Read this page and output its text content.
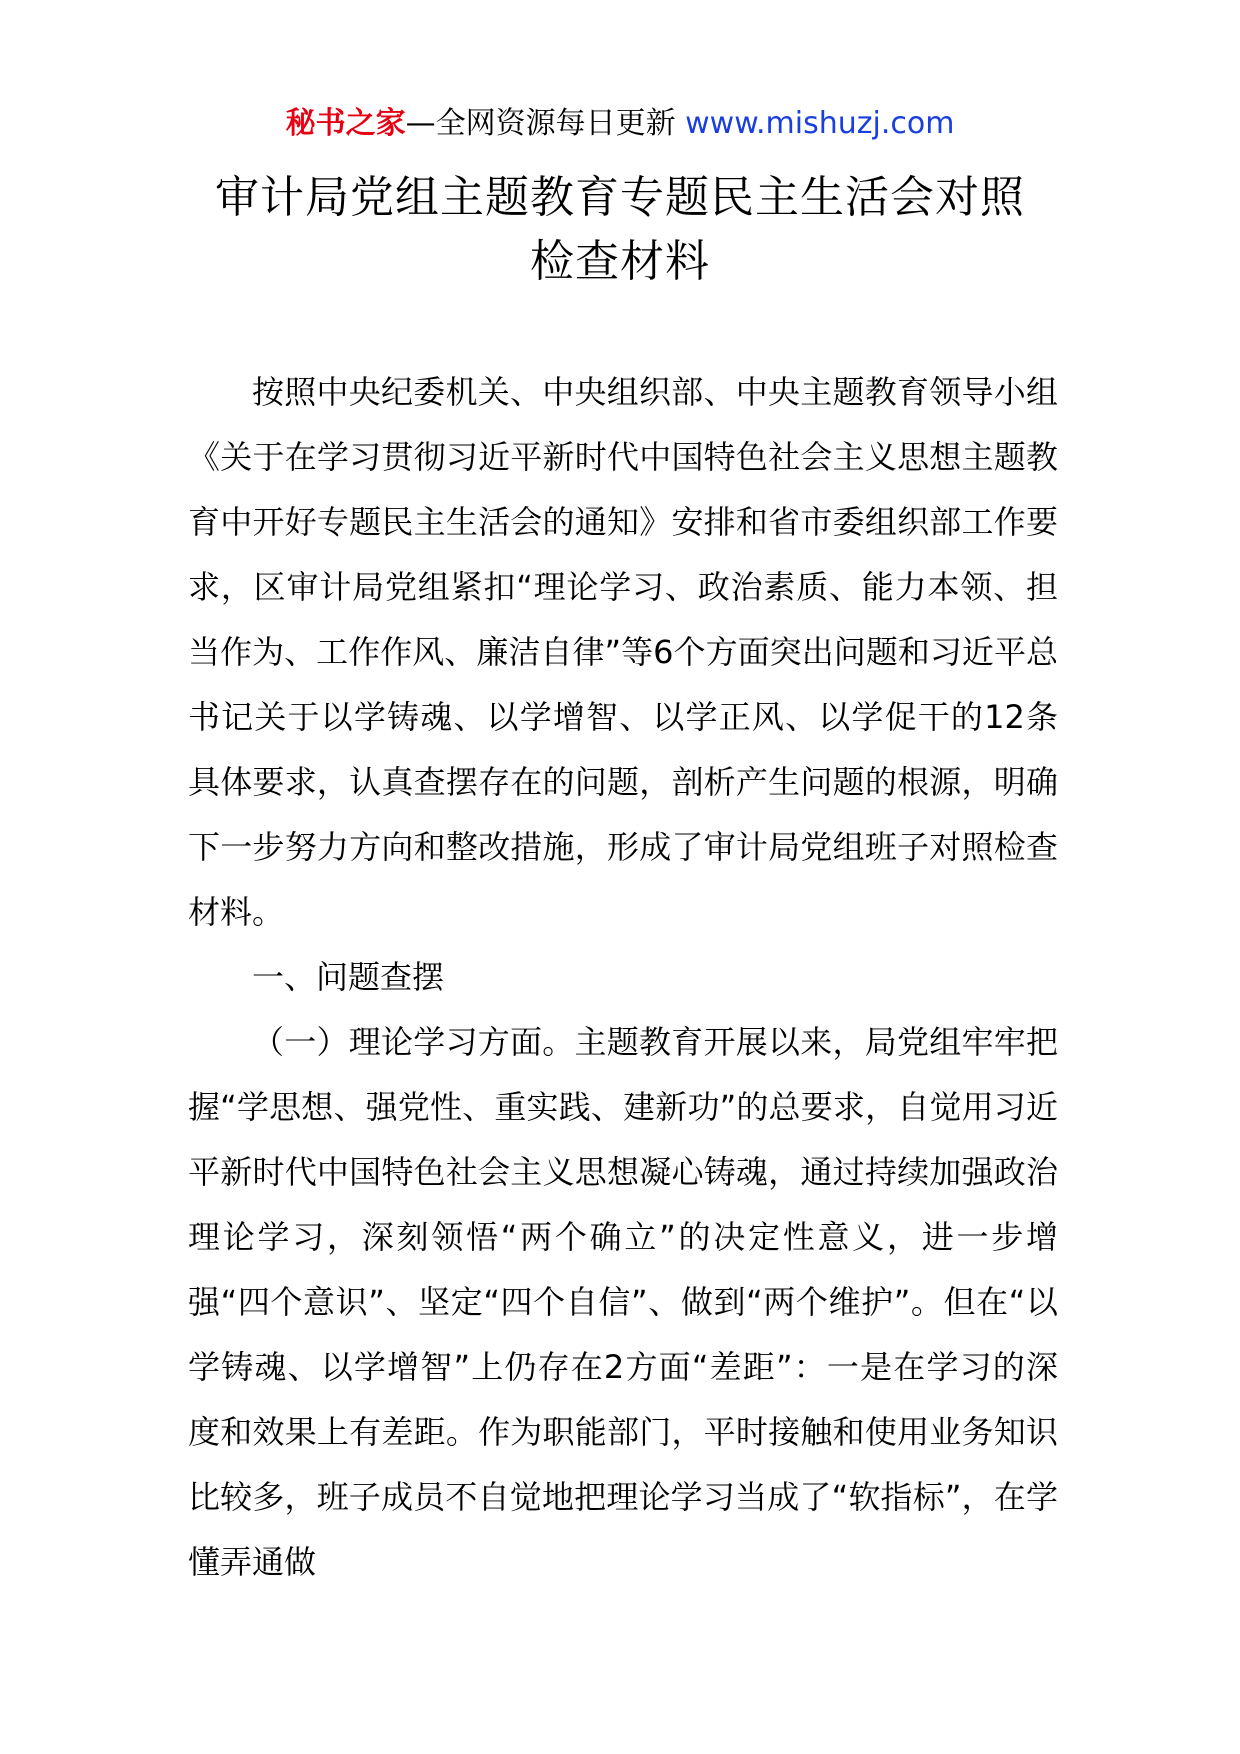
秘书之家—全网资源每日更新 www.mishuzj.com
审计局党组主题教育专题民主生活会对照
检查材料

按照中央纪委机关、中央组织部、中央主题教育领导小组《关于在学习贯彻习近平新时代中国特色社会主义思想主题教育中开好专题民主生活会的通知》安排和省市委组织部工作要求，区审计局党组紧扣“理论学习、政治素质、能力本领、担当作为、工作作风、廉洁自律”等6个方面突出问题和习近平总书记关于以学铸魂、以学增智、以学正风、以学促干的12条具体要求，认真查摆存在的问题，剖析产生问题的根源，明确下一步努力方向和整改措施，形成了审计局党组班子对照检查材料。

一、问题查摆

（一）理论学习方面。主题教育开展以来，局党组牢牢把握“学思想、强党性、重实践、建新功”的总要求，自觉用习近平新时代中国特色社会主义思想凝心铸魂，通过持续加强政治理论学习，深刻领悟“两个确立”的决定性意义，进一步增强“四个意识”、坚定“四个自信”、做到“两个维护”。但在“以学铸魂、以学增智”上仍存在2方面“差距”：一是在学习的深度和效果上有差距。作为职能部门，平时接触和使用业务知识比较多，班子成员不自觉地把理论学习当成了“软指标”，在学懂弄通做
